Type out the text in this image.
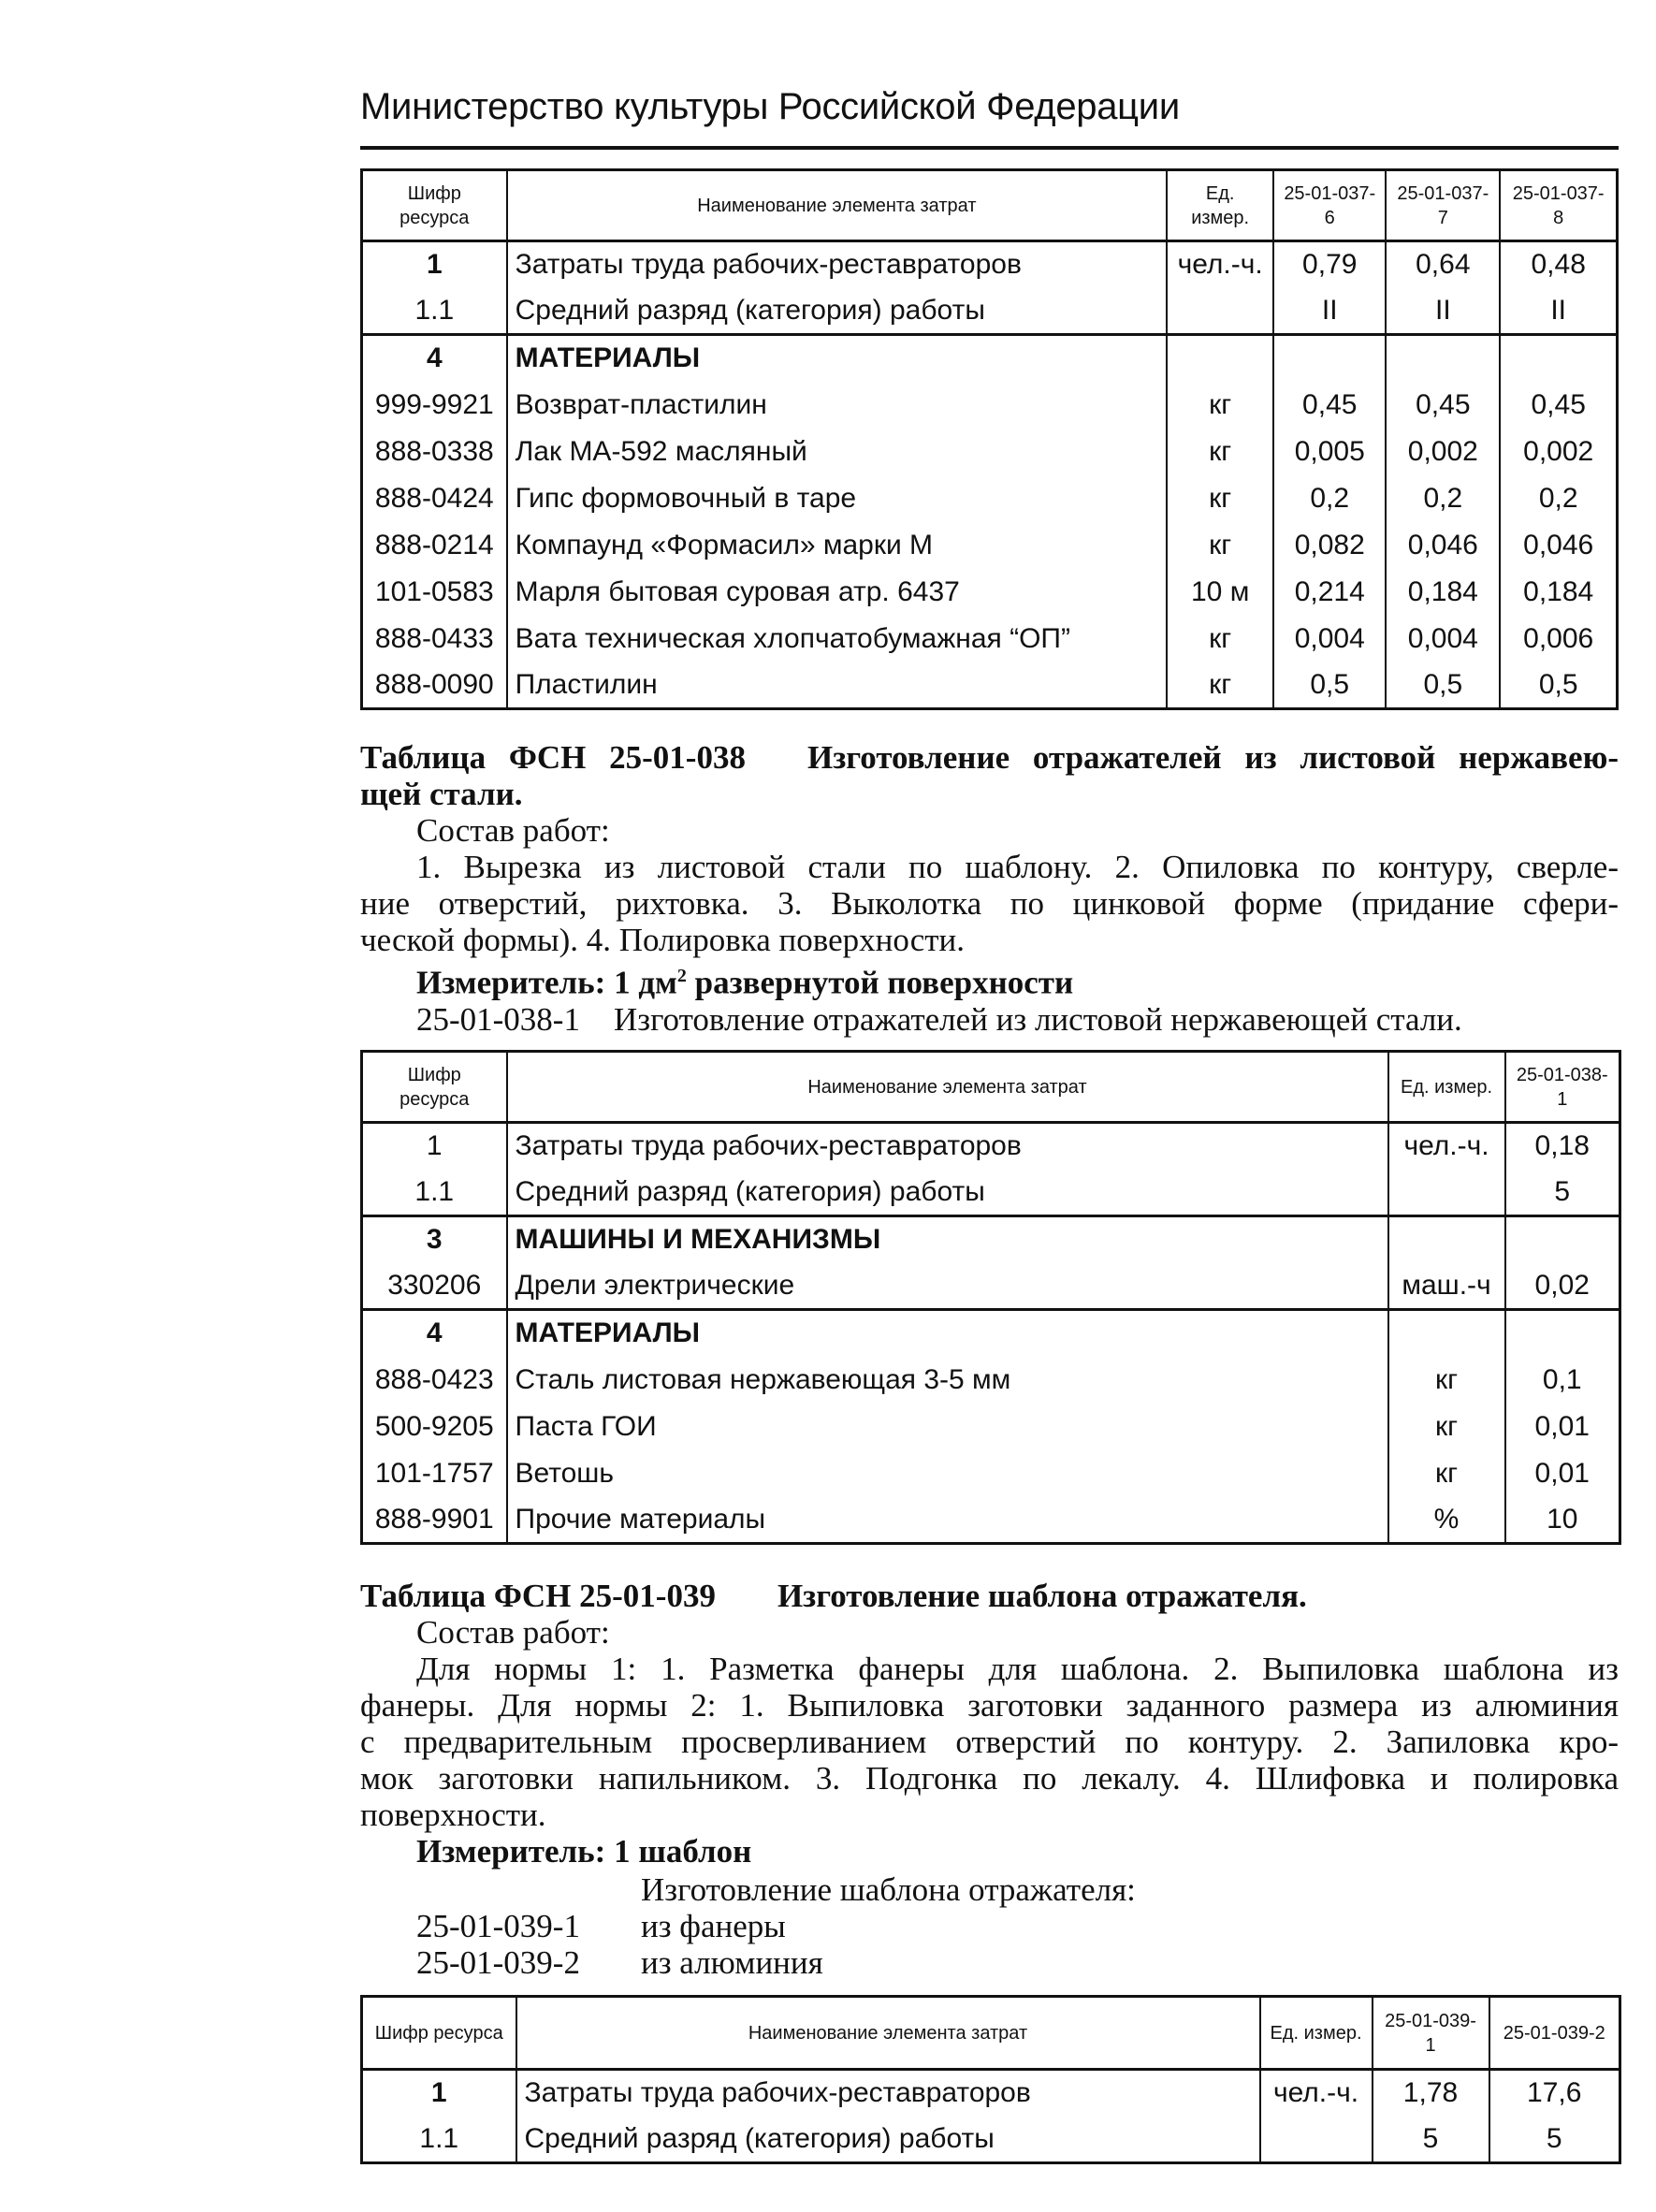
Министерство культуры Российской Федерации
Шифр ресурса	Наименование элемента затрат	Ед. измер.	25-01-037-6	25-01-037-7	25-01-037-8
1	Затраты труда рабочих-реставраторов	чел.-ч.	0,79	0,64	0,48
1.1	Средний разряд (категория) работы		II	II	II
4	МАТЕРИАЛЫ				
999-9921	Возврат-пластилин	кг	0,45	0,45	0,45
888-0338	Лак МА-592 масляный	кг	0,005	0,002	0,002
888-0424	Гипс формовочный в таре	кг	0,2	0,2	0,2
888-0214	Компаунд «Формасил» марки М	кг	0,082	0,046	0,046
101-0583	Марля бытовая суровая атр. 6437	10 м	0,214	0,184	0,184
888-0433	Вата техническая хлопчатобумажная “ОП”	кг	0,004	0,004	0,006
888-0090	Пластилин	кг	0,5	0,5	0,5

Таблица ФСН 25-01-038 Изготовление отражателей из листовой нержавею-

щей стали.

Состав работ:

1. Вырезка из листовой стали по шаблону. 2. Опиловка по контуру, сверле-

ние отверстий, рихтовка. 3. Выколотка по цинковой форме (придание сфери-

ческой формы). 4. Полировка поверхности.

Измеритель: 1 $дм^2$ развернутой поверхности

25-01-038-1 Изготовление отражателей из листовой нержавеющей стали.

Шифр ресурса	Наименование элемента затрат	Ед. измер.	25-01-038-1
1	Затраты труда рабочих-реставраторов	чел.-ч.	0,18
1.1	Средний разряд (категория) работы		5
3	МАШИНЫ И МЕХАНИЗМЫ		
330206	Дрели электрические	маш.-ч	0,02
4	МАТЕРИАЛЫ		
888-0423	Сталь листовая нержавеющая 3-5 мм	кг	0,1
500-9205	Паста ГОИ	кг	0,01
101-1757	Ветошь	кг	0,01
888-9901	Прочие материалы	%	10

Таблица ФСН 25-01-039 Изготовление шаблона отражателя.

Состав работ:

Для нормы 1: 1. Разметка фанеры для шаблона. 2. Выпиловка шаблона из

фанеры. Для нормы 2: 1. Выпиловка заготовки заданного размера из алюминия

с предварительным просверливанием отверстий по контуру. 2. Запиловка кро-

мок заготовки напильником. 3. Подгонка по лекалу. 4. Шлифовка и полировка

поверхности.

Измеритель: 1 шаблон

Изготовление шаблона отражателя:
25-01-039-1 из фанеры
25-01-039-2 из алюминия
Шифр ресурса	Наименование элемента затрат	Ед. измер.	25-01-039-1	25-01-039-2
1	Затраты труда рабочих-реставраторов	чел.-ч.	1,78	17,6
1.1	Средний разряд (категория) работы		5	5
